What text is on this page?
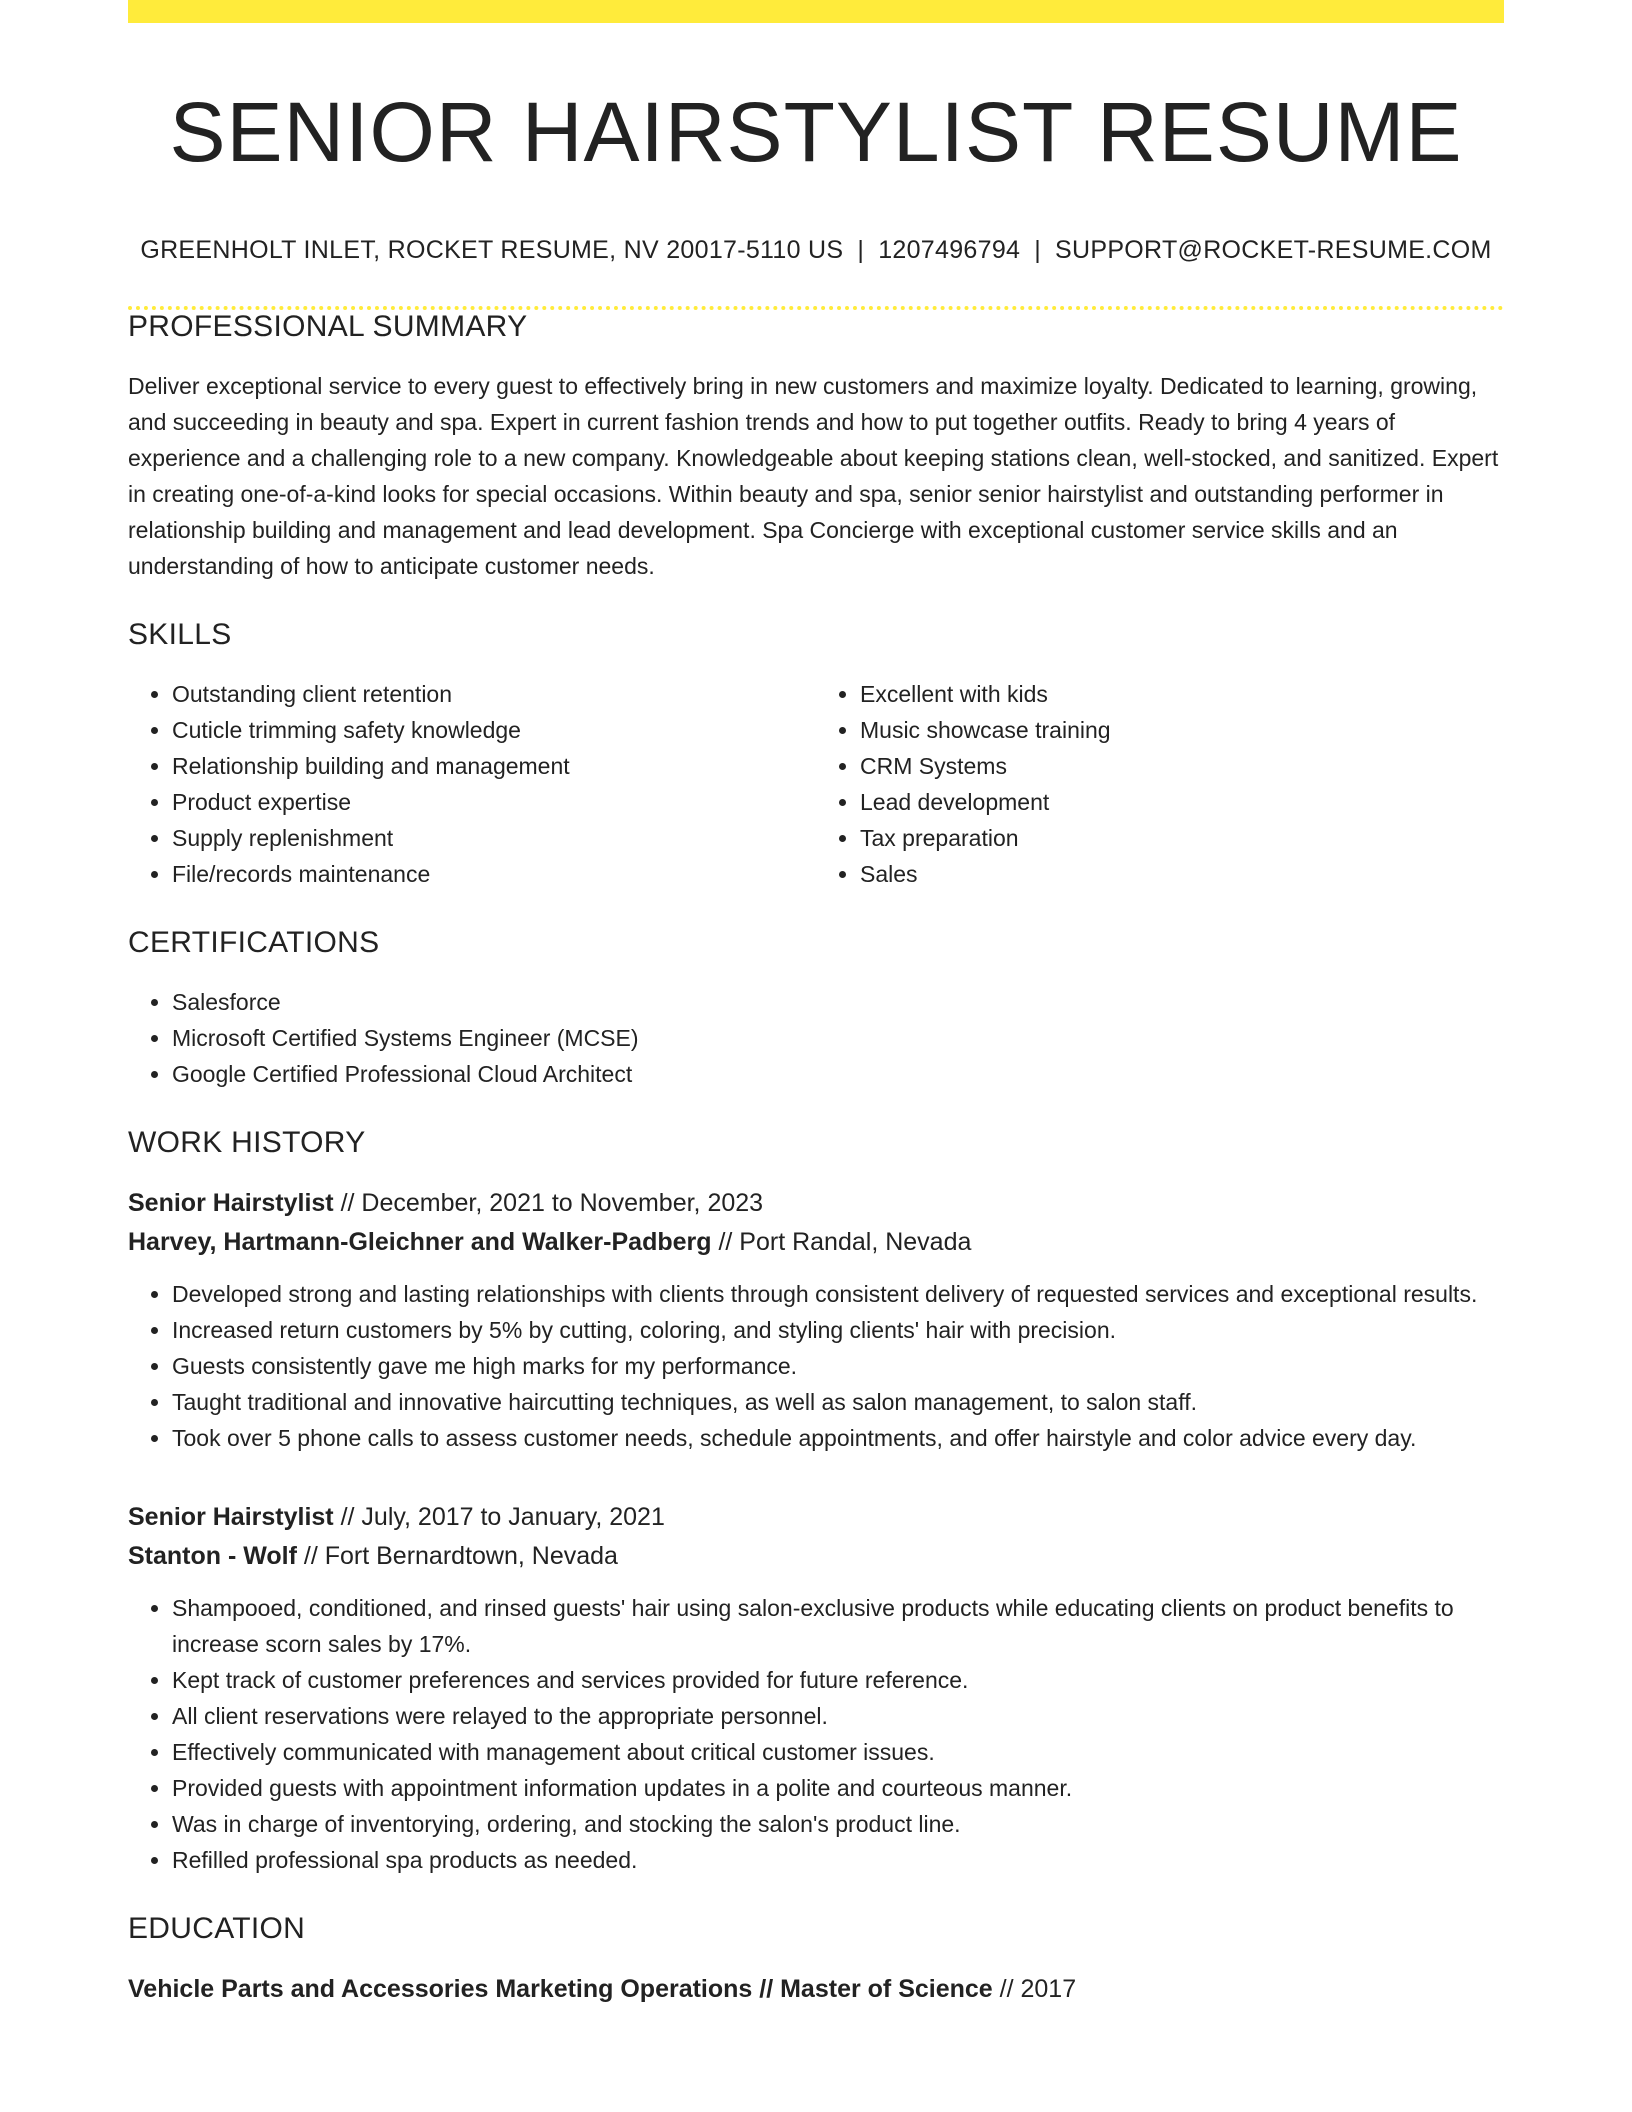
SENIOR HAIRSTYLIST RESUME
GREENHOLT INLET, ROCKET RESUME, NV 20017-5110 US | 1207496794 | SUPPORT@ROCKET-RESUME.COM
PROFESSIONAL SUMMARY

Deliver exceptional service to every guest to effectively bring in new customers and maximize loyalty. Dedicated to learning, growing, and succeeding in beauty and spa. Expert in current fashion trends and how to put together outfits. Ready to bring 4 years of experience and a challenging role to a new company. Knowledgeable about keeping stations clean, well-stocked, and sanitized. Expert in creating one-of-a-kind looks for special occasions. Within beauty and spa, senior senior hairstylist and outstanding performer in relationship building and management and lead development. Spa Concierge with exceptional customer service skills and an understanding of how to anticipate customer needs.

SKILLS
• Outstanding client retention
• Cuticle trimming safety knowledge
• Relationship building and management
• Product expertise
• Supply replenishment
• File/records maintenance
• Excellent with kids
• Music showcase training
• CRM Systems
• Lead development
• Tax preparation
• Sales
CERTIFICATIONS
• Salesforce
• Microsoft Certified Systems Engineer (MCSE)
• Google Certified Professional Cloud Architect
WORK HISTORY
Senior Hairstylist // December, 2021 to November, 2023
Harvey, Hartmann-Gleichner and Walker-Padberg // Port Randal, Nevada
• Developed strong and lasting relationships with clients through consistent delivery of requested services and exceptional results.
• Increased return customers by 5% by cutting, coloring, and styling clients' hair with precision.
• Guests consistently gave me high marks for my performance.
• Taught traditional and innovative haircutting techniques, as well as salon management, to salon staff.
• Took over 5 phone calls to assess customer needs, schedule appointments, and offer hairstyle and color advice every day.
Senior Hairstylist // July, 2017 to January, 2021
Stanton - Wolf // Fort Bernardtown, Nevada
• Shampooed, conditioned, and rinsed guests' hair using salon-exclusive products while educating clients on product benefits to increase scorn sales by 17%.
• Kept track of customer preferences and services provided for future reference.
• All client reservations were relayed to the appropriate personnel.
• Effectively communicated with management about critical customer issues.
• Provided guests with appointment information updates in a polite and courteous manner.
• Was in charge of inventorying, ordering, and stocking the salon's product line.
• Refilled professional spa products as needed.
EDUCATION
Vehicle Parts and Accessories Marketing Operations // Master of Science // 2017
